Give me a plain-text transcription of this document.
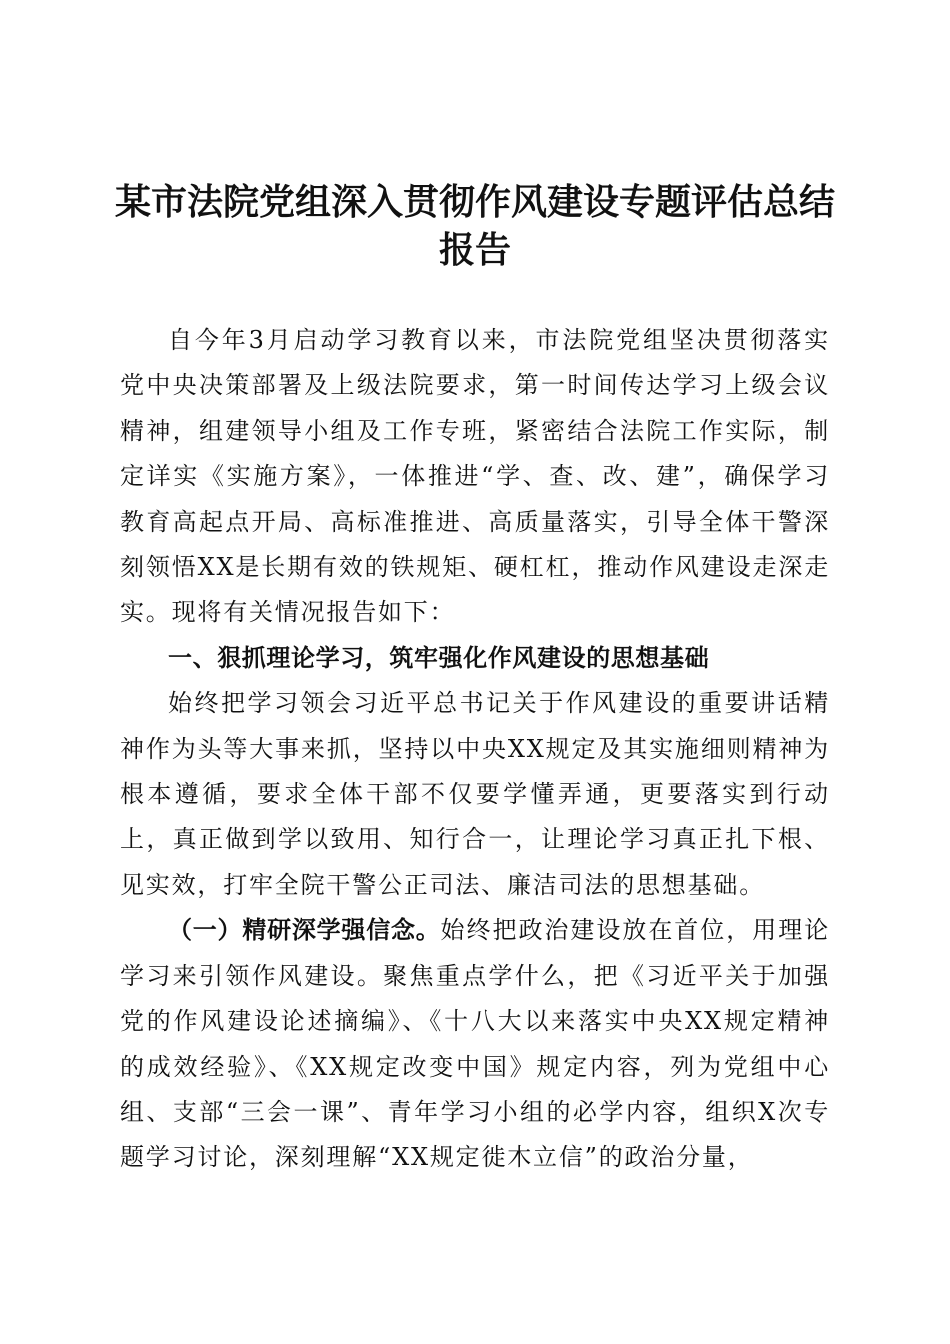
某市法院党组深入贯彻作风建设专题评估总结报告

自今年3月启动学习教育以来，市法院党组坚决贯彻落实党中央决策部署及上级法院要求，第一时间传达学习上级会议精神，组建领导小组及工作专班，紧密结合法院工作实际，制定详实《实施方案》，一体推进“学、查、改、建”，确保学习教育高起点开局、高标准推进、高质量落实，引导全体干警深刻领悟XX是长期有效的铁规矩、硬杠杠，推动作风建设走深走实。现将有关情况报告如下：

一、狠抓理论学习，筑牢强化作风建设的思想基础

始终把学习领会习近平总书记关于作风建设的重要讲话精神作为头等大事来抓，坚持以中央XX规定及其实施细则精神为根本遵循，要求全体干部不仅要学懂弄通，更要落实到行动上，真正做到学以致用、知行合一，让理论学习真正扎下根、见实效，打牢全院干警公正司法、廉洁司法的思想基础。

（一）精研深学强信念。始终把政治建设放在首位，用理论学习来引领作风建设。聚焦重点学什么，把《习近平关于加强党的作风建设论述摘编》、《十八大以来落实中央XX规定精神的成效经验》、《XX规定改变中国》规定内容，列为党组中心组、支部“三会一课”、青年学习小组的必学内容，组织X次专题学习讨论，深刻理解“XX规定徙木立信”的政治分量，
